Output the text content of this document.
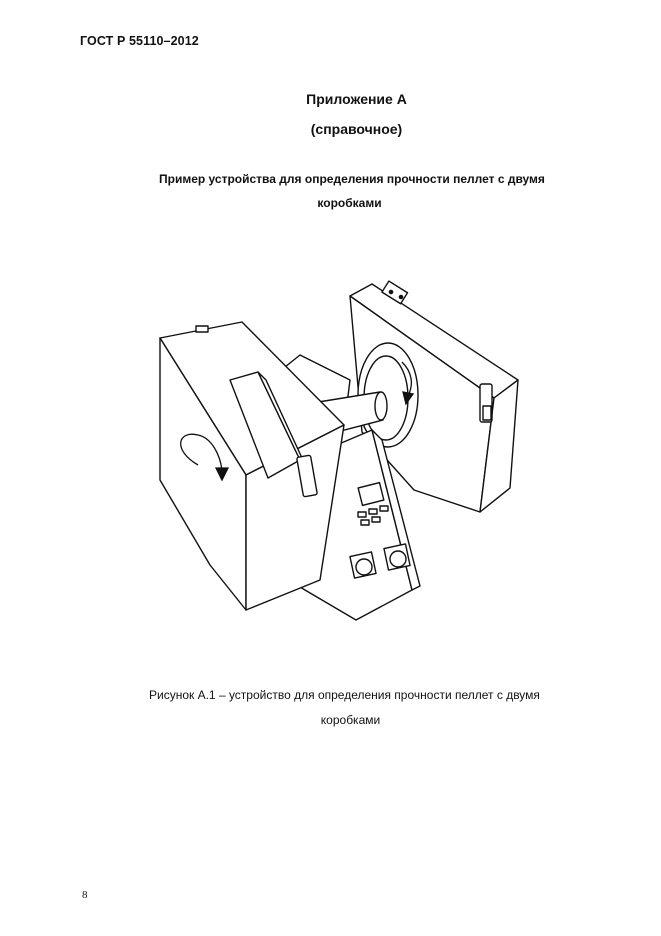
ГОСТ Р 55110–2012
Приложение А
(справочное)
Пример устройства для определения прочности пеллет с двумя
коробками
Рисунок А.1 – устройство для определения прочности пеллет с двумя
коробками
8
